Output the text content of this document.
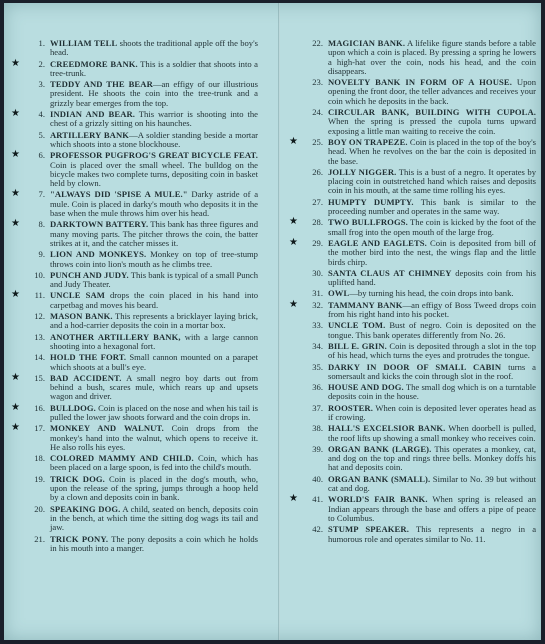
1. WILLIAM TELL shoots the traditional apple off the boy's head.
★	2. CREEDMORE BANK. This is a soldier that shoots into a tree-trunk.
3. TEDDY AND THE BEAR—an effigy of our illustrious president. He shoots the coin into the tree-trunk and a grizzly bear emerges from the top.
★	4. INDIAN AND BEAR. This warrior is shooting into the chest of a grizzly sitting on his haunches.
5. ARTILLERY BANK—A soldier standing beside a mortar which shoots into a stone blockhouse.
★	6. PROFESSOR PUGFROG'S GREAT BICYCLE FEAT. Coin is placed over the small wheel. The bulldog on the bicycle makes two complete turns, depositing coin in basket held by clown.
★	7. "ALWAYS DID 'SPISE A MULE." Darky astride of a mule. Coin is placed in darky's mouth who deposits it in the base when the mule throws him over his head.
★	8. DARKTOWN BATTERY. This bank has three figures and many moving parts. The pitcher throws the coin, the batter strikes at it, and the catcher misses it.
9. LION AND MONKEYS. Monkey on top of tree-stump throws coin into lion's mouth as he climbs tree.
10. PUNCH AND JUDY. This bank is typical of a small Punch and Judy Theater.
★	11. UNCLE SAM drops the coin placed in his hand into carpetbag and moves his beard.
12. MASON BANK. This represents a bricklayer laying brick, and a hod-carrier deposits the coin in a mortar box.
13. ANOTHER ARTILLERY BANK, with a large cannon shooting into a hexagonal fort.
14. HOLD THE FORT. Small cannon mounted on a parapet which shoots at a bull's eye.
★	15. BAD ACCIDENT. A small negro boy darts out from behind a bush, scares mule, which rears up and upsets wagon and driver.
★	16. BULLDOG. Coin is placed on the nose and when his tail is pulled the lower jaw shoots forward and the coin drops in.
★	17. MONKEY AND WALNUT. Coin drops from the monkey's hand into the walnut, which opens to receive it. He also rolls his eyes.
18. COLORED MAMMY AND CHILD. Coin, which has been placed on a large spoon, is fed into the child's mouth.
19. TRICK DOG. Coin is placed in the dog's mouth, who, upon the release of the spring, jumps through a hoop held by a clown and deposits coin in bank.
20. SPEAKING DOG. A child, seated on bench, deposits coin in the bench, at which time the sitting dog wags its tail and jaw.
21. TRICK PONY. The pony deposits a coin which he holds in his mouth into a manger.
22. MAGICIAN BANK. A lifelike figure stands before a table upon which a coin is placed. By pressing a spring he lowers a high-hat over the coin, nods his head, and the coin disappears.
23. NOVELTY BANK IN FORM OF A HOUSE. Upon opening the front door, the teller advances and receives your coin which he deposits in the back.
24. CIRCULAR BANK, BUILDING WITH CUPOLA. When the spring is pressed the cupola turns upward exposing a little man waiting to receive the coin.
★	25. BOY ON TRAPEZE. Coin is placed in the top of the boy's head. When he revolves on the bar the coin is deposited in the base.
26. JOLLY NIGGER. This is a bust of a negro. It operates by placing coin in outstretched hand which raises and deposits coin in his mouth, at the same time rolling his eyes.
27. HUMPTY DUMPTY. This bank is similar to the proceeding number and operates in the same way.
★	28. TWO BULLFROGS. The coin is kicked by the foot of the small frog into the open mouth of the large frog.
★	29. EAGLE AND EAGLETS. Coin is deposited from bill of the mother bird into the nest, the wings flap and the little birds chirp.
30. SANTA CLAUS AT CHIMNEY deposits coin from his uplifted hand.
31. OWL—by turning his head, the coin drops into bank.
★	32. TAMMANY BANK—an effigy of Boss Tweed drops coin from his right hand into his pocket.
33. UNCLE TOM. Bust of negro. Coin is deposited on the tongue. This bank operates differently from No. 26.
34. BILL E. GRIN. Coin is deposited through a slot in the top of his head, which turns the eyes and protrudes the tongue.
35. DARKY IN DOOR OF SMALL CABIN turns a somersault and kicks the coin through slot in the roof.
36. HOUSE AND DOG. The small dog which is on a turntable deposits coin in the house.
37. ROOSTER. When coin is deposited lever operates head as if crowing.
38. HALL'S EXCELSIOR BANK. When doorbell is pulled, the roof lifts up showing a small monkey who receives coin.
39. ORGAN BANK (LARGE). This operates a monkey, cat, and dog on the top and rings three bells. Monkey doffs his hat and deposits coin.
40. ORGAN BANK (SMALL). Similar to No. 39 but without cat and dog.
★	41. WORLD'S FAIR BANK. When spring is released an Indian appears through the base and offers a pipe of peace to Columbus.
42. STUMP SPEAKER. This represents a negro in a humorous role and operates similar to No. 11.
